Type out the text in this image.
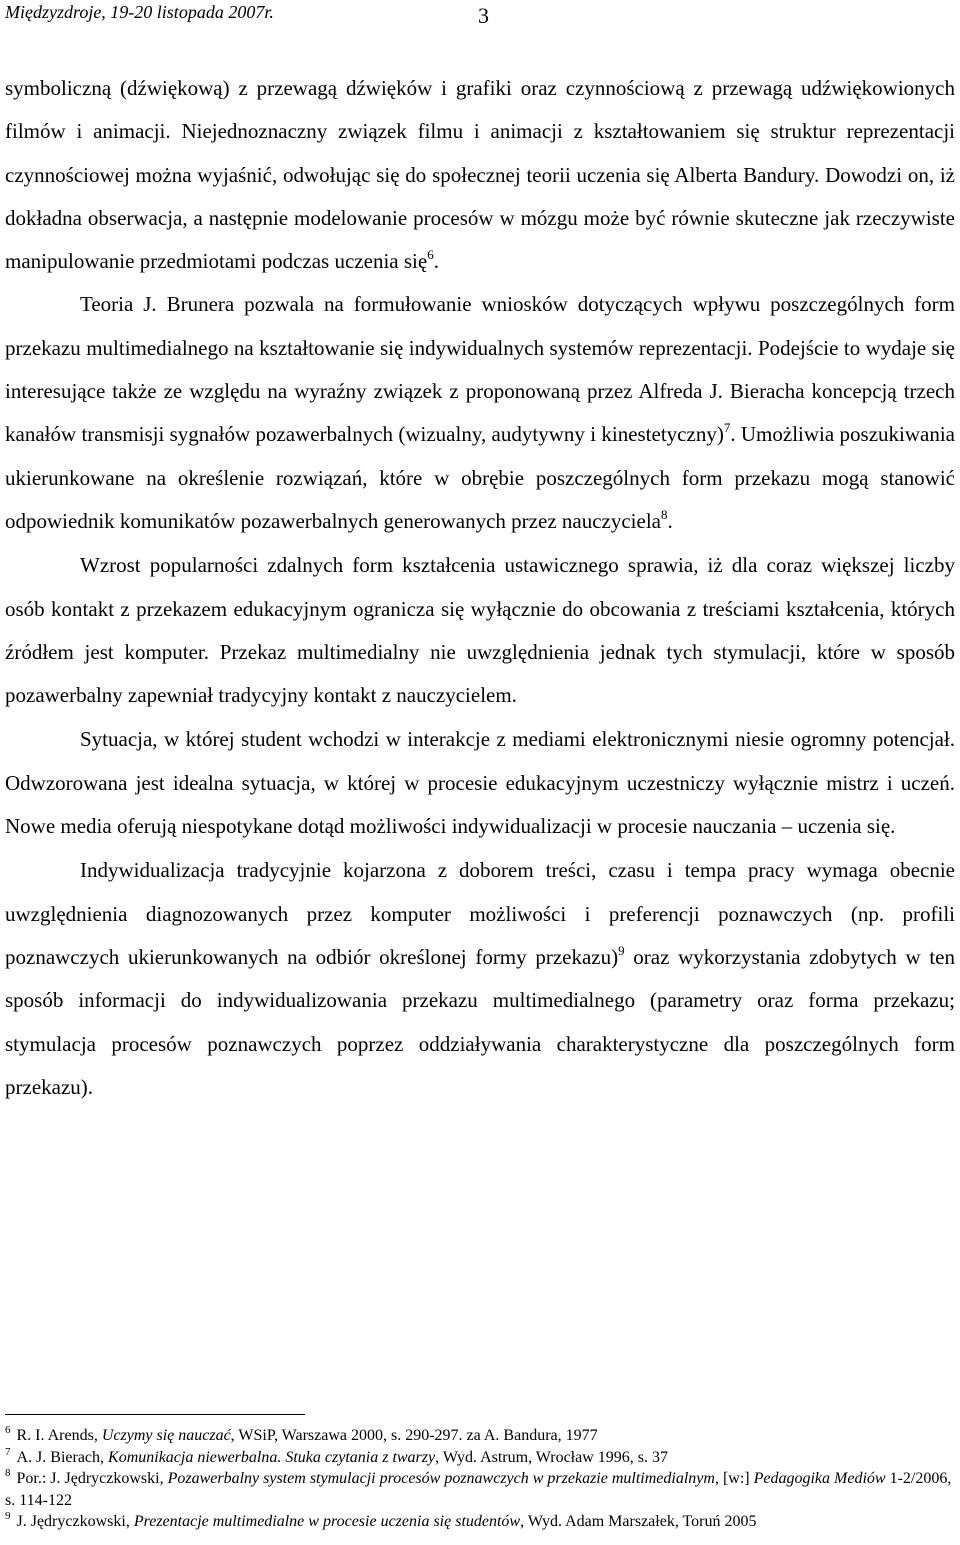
Międzyzdroje, 19-20 listopada 2007r.	3

symboliczną (dźwiękową) z przewagą dźwięków i grafiki oraz czynnościową z przewagą udźwiękowionych filmów i animacji. Niejednoznaczny związek filmu i animacji z kształtowaniem się struktur reprezentacji czynnościowej można wyjaśnić, odwołując się do społecznej teorii uczenia się Alberta Bandury. Dowodzi on, iż dokładna obserwacja, a następnie modelowanie procesów w mózgu może być równie skuteczne jak rzeczywiste manipulowanie przedmiotami podczas uczenia się$^6$.

Teoria J. Brunera pozwala na formułowanie wniosków dotyczących wpływu poszczególnych form przekazu multimedialnego na kształtowanie się indywidualnych systemów reprezentacji. Podejście to wydaje się interesujące także ze względu na wyraźny związek z proponowaną przez Alfreda J. Bieracha koncepcją trzech kanałów transmisji sygnałów pozawerbalnych (wizualny, audytywny i kinestetyczny)$^7$. Umożliwia poszukiwania ukierunkowane na określenie rozwiązań, które w obrębie poszczególnych form przekazu mogą stanowić odpowiednik komunikatów pozawerbalnych generowanych przez nauczyciela$^8$.

Wzrost popularności zdalnych form kształcenia ustawicznego sprawia, iż dla coraz większej liczby osób kontakt z przekazem edukacyjnym ogranicza się wyłącznie do obcowania z treściami kształcenia, których źródłem jest komputer. Przekaz multimedialny nie uwzględnienia jednak tych stymulacji, które w sposób pozawerbalny zapewniał tradycyjny kontakt z nauczycielem.

Sytuacja, w której student wchodzi w interakcje z mediami elektronicznymi niesie ogromny potencjał. Odwzorowana jest idealna sytuacja, w której w procesie edukacyjnym uczestniczy wyłącznie mistrz i uczeń. Nowe media oferują niespotykane dotąd możliwości indywidualizacji w procesie nauczania – uczenia się.

Indywidualizacja tradycyjnie kojarzona z doborem treści, czasu i tempa pracy wymaga obecnie uwzględnienia diagnozowanych przez komputer możliwości i preferencji poznawczych (np. profili poznawczych ukierunkowanych na odbiór określonej formy przekazu)$^9$ oraz wykorzystania zdobytych w ten sposób informacji do indywidualizowania przekazu multimedialnego (parametry oraz forma przekazu; stymulacja procesów poznawczych poprzez oddziaływania charakterystyczne dla poszczególnych form przekazu).

$^6$ R. I. Arends, Uczymy się nauczać, WSiP, Warszawa 2000, s. 290-297. za A. Bandura, 1977

$^7$ A. J. Bierach, Komunikacja niewerbalna. Stuka czytania z twarzy, Wyd. Astrum, Wrocław 1996, s. 37

$^8$ Por.: J. Jędryczkowski, Pozawerbalny system stymulacji procesów poznawczych w przekazie multimedialnym, [w:] Pedagogika Mediów 1-2/2006, s. 114-122

$^9$ J. Jędryczkowski, Prezentacje multimedialne w procesie uczenia się studentów, Wyd. Adam Marszałek, Toruń 2005
